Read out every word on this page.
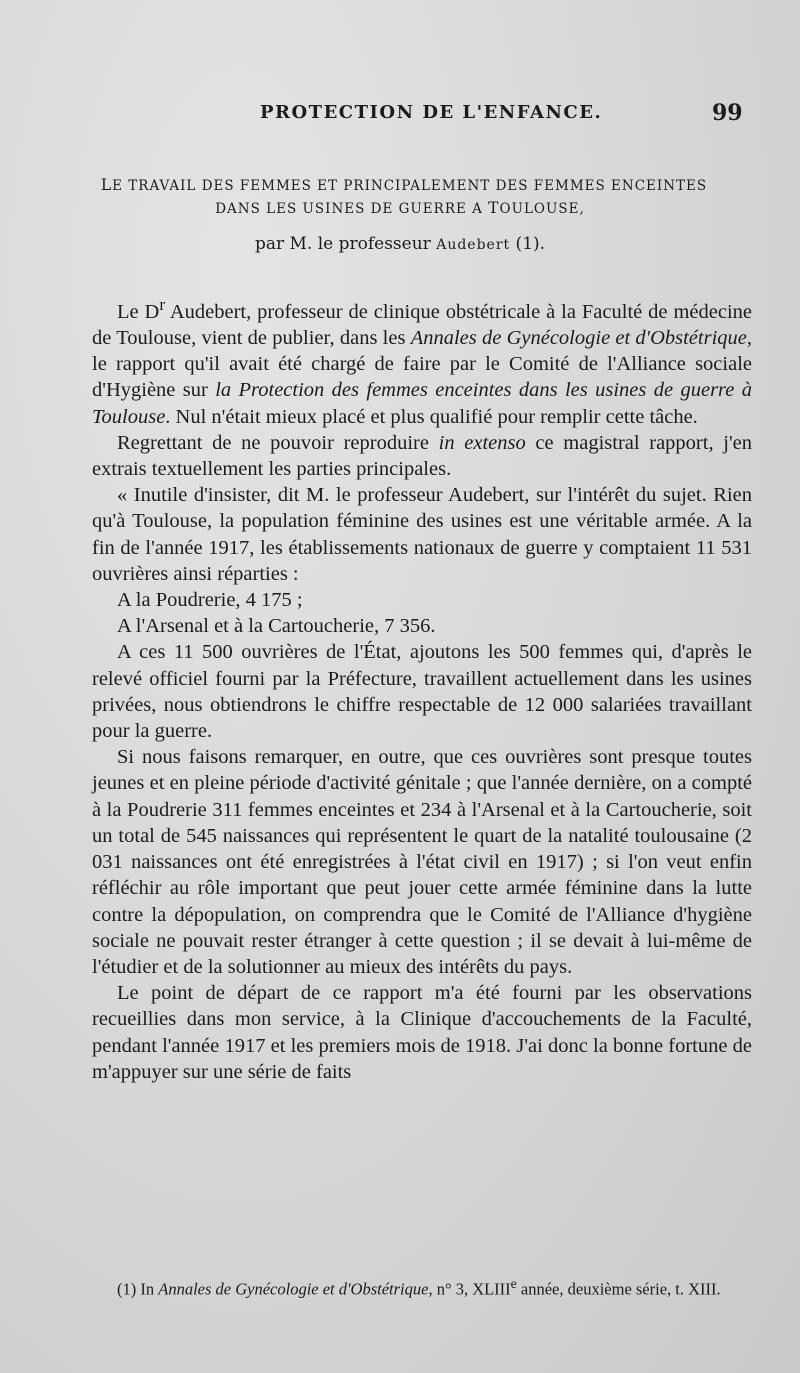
PROTECTION DE L'ENFANCE.	99
LE TRAVAIL DES FEMMES ET PRINCIPALEMENT DES FEMMES ENCEINTES
DANS LES USINES DE GUERRE A TOULOUSE,
par M. le professeur Audebert (1).

Le $D^r$ Audebert, professeur de clinique obstétricale à la Faculté de médecine de Toulouse, vient de publier, dans les Annales de Gynécologie et d'Obstétrique, le rapport qu'il avait été chargé de faire par le Comité de l'Alliance sociale d'Hygiène sur la Protection des femmes enceintes dans les usines de guerre à Toulouse. Nul n'était mieux placé et plus qualifié pour remplir cette tâche.

Regrettant de ne pouvoir reproduire in extenso ce magistral rapport, j'en extrais textuellement les parties principales.

« Inutile d'insister, dit M. le professeur Audebert, sur l'intérêt du sujet. Rien qu'à Toulouse, la population féminine des usines est une véritable armée. A la fin de l'année 1917, les établissements nationaux de guerre y comptaient 11 531 ouvrières ainsi réparties :

A la Poudrerie, 4 175 ;

A l'Arsenal et à la Cartoucherie, 7 356.

A ces 11 500 ouvrières de l'État, ajoutons les 500 femmes qui, d'après le relevé officiel fourni par la Préfecture, travaillent actuellement dans les usines privées, nous obtiendrons le chiffre respectable de 12 000 salariées travaillant pour la guerre.

Si nous faisons remarquer, en outre, que ces ouvrières sont presque toutes jeunes et en pleine période d'activité génitale ; que l'année dernière, on a compté à la Poudrerie 311 femmes enceintes et 234 à l'Arsenal et à la Cartoucherie, soit un total de 545 naissances qui représentent le quart de la natalité toulousaine (2 031 naissances ont été enregistrées à l'état civil en 1917) ; si l'on veut enfin réfléchir au rôle important que peut jouer cette armée féminine dans la lutte contre la dépopulation, on comprendra que le Comité de l'Alliance d'hygiène sociale ne pouvait rester étranger à cette question ; il se devait à lui-même de l'étudier et de la solutionner au mieux des intérêts du pays.

Le point de départ de ce rapport m'a été fourni par les observations recueillies dans mon service, à la Clinique d'accouchements de la Faculté, pendant l'année 1917 et les premiers mois de 1918. J'ai donc la bonne fortune de m'appuyer sur une série de faits

(1) In Annales de Gynécologie et d'Obstétrique, n° 3, XLIIIe année, deuxième série, t. XIII.
